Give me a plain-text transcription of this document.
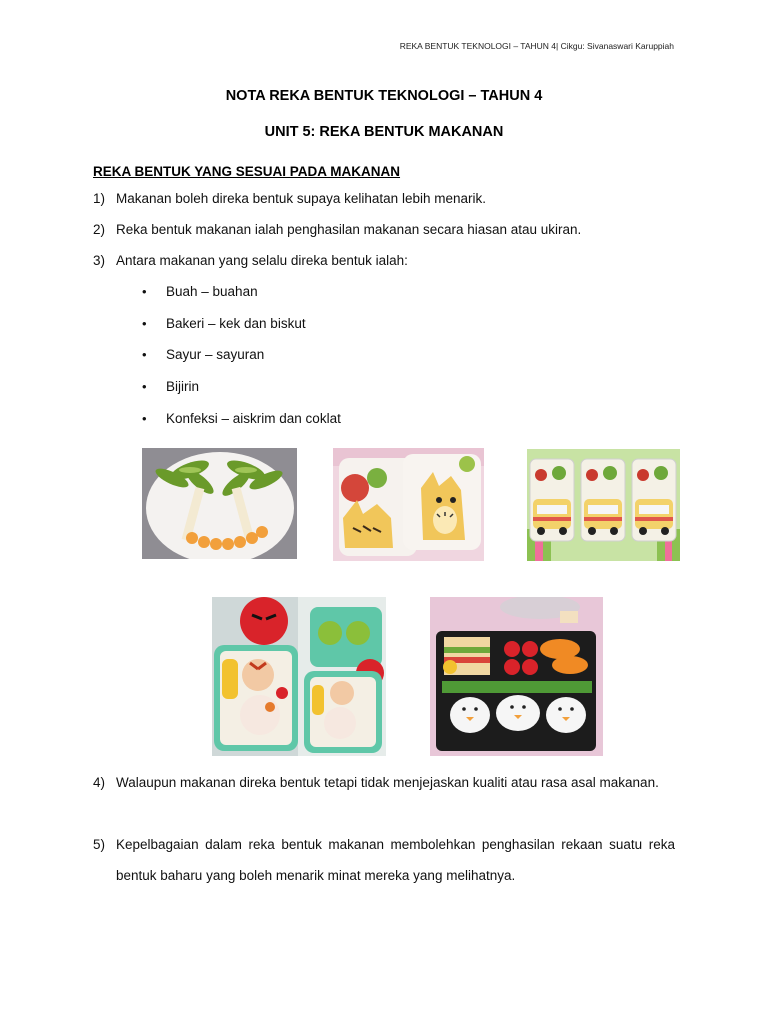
REKA BENTUK TEKNOLOGI – TAHUN 4| Cikgu: Sivanaswari Karuppiah
NOTA REKA BENTUK TEKNOLOGI – TAHUN 4
UNIT 5: REKA BENTUK MAKANAN
REKA BENTUK YANG SESUAI PADA MAKANAN
1) Makanan boleh direka bentuk supaya kelihatan lebih menarik.
2) Reka bentuk makanan ialah penghasilan makanan secara hiasan atau ukiran.
3) Antara makanan yang selalu direka bentuk ialah:
•	Buah – buahan
•	Bakeri – kek dan biskut
•	Sayur – sayuran
•	Bijirin
•	Konfeksi – aiskrim dan coklat
4) Walaupun makanan direka bentuk tetapi tidak menjejaskan kualiti atau rasa asal makanan.
5) Kepelbagaian dalam reka bentuk makanan membolehkan penghasilan rekaan suatu reka bentuk baharu yang boleh menarik minat mereka yang melihatnya.
